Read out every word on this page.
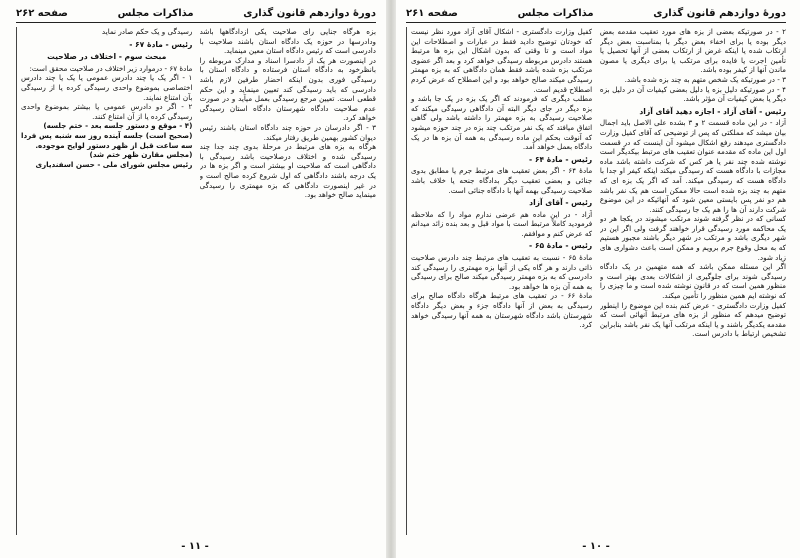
دورهٔ دوازدهم قانون گذاری
مذاکرات مجلس
صفحه ۲۶۲

بزه هرگاه جنایی رای صلاحیت یکی ازدادگاهها باشد ودادرسها در حوزه یک دادگاه استان باشند صلاحیت با دادرسی است که رئیس دادگاه استان معین مینماید.

در اینصورت هر یک از دادسرا اسناد و مدارک مربوطه را بانظرخود به دادگاه استان فرستاده و دادگاه استان با رسیدگی فوری بدون اینکه احضار طرفین لازم باشد دادرسی که باید رسیدگی کند تعیین مینماید و این حکم قطعی است. تعیین مرجع رسیدگی بعمل میآید و در صورت عدم صلاحیت دادگاه شهرستان دادگاه استان رسیدگی خواهد کرد.

۳ - اگر دادرسان در حوزه چند دادگاه استان باشند رئیس دیوان کشور بهمین طریق رفتار میکند.

هرگاه به بزه های مرتبط در مرحلهٔ بدوی چند جدا چند رسیدگی شده و اختلاف درصلاحیت باشد رسیدگی با دادگاهی است که صلاحیت او بیشتر است و اگر بزه ها در یک درجه باشند دادگاهی که اول شروع کرده صالح است و در غیر اینصورت دادگاهی که بزه مهمتری را رسیدگی مینماید صالح خواهد بود.

رسیدگی و یک حکم صادر نماید

رئیس - مادهٔ ۶۷ -

مبحث سوم - اختلاف در صلاحیت

مادهٔ ۶۷ - درموارد زیر اختلاف در صلاحیت محقق است:

۱ - اگر یک یا چند دادرس عمومی یا یک یا چند دادرس اختصاصی بموضوع واحدی رسیدگی کرده یا از رسیدگی بآن امتناع نمایند.

۲ - اگر دو دادرس عمومی یا بیشتر بموضوع واحدی رسیدگی کرده یا از آن امتناع کنند.

(۴ - موقع و دستور جلسه بعد - ختم جلسه)

(صحیح است) جلسه آینده روز سه شنبه پس فردا سه ساعت قبل از ظهر دستور لوایح موجوده.

(مجلس مقارن ظهر ختم شد)

رئیس مجلس شورای ملی - حسن اسفندیاری

- ۱۱ -
دورهٔ دوازدهم قانون گذاری
مذاکرات مجلس
صفحه ۲۶۱

۲ - در صورتیکه بعضی از بزه های مورد تعقیب مقدمه بعض دیگر بوده یا برای اخفاء بعض دیگر با بمناسبت بعض دیگر ارتکاب شده یا اینکه غرض از ارتکاب بعضی از آنها تحصیل یا تأمین اجرت یا فایده برای مرتکب یا برای دیگری یا مصون ماندن آنها از کیفر بوده باشد.

۳ - در صورتیکه یک شخص متهم به چند بزه شده باشد.

۴ - در صورتیکه دلیل بزه یا دلیل بعضی کیفیات آن در دلیل بزه دیگر یا بعض کیفیات آن مؤثر باشد.

رئیس - آقای آزاد - اجازه دهید آقای آزاد

آزاد - در این ماده قسمت ۲ و ۳ بشده علی الاصل باید اجمال بیان میشد که مملکتی که پس از توضیحی که آقای کفیل وزارت دادگستری میدهند رفع اشکال میشود آن اینست که در قسمت اول این ماده که مقدمه عنوان تعقیب های مرتبط بیکدیگر است نوشته شده چند نفر یا هر کس که شرکت داشته باشد ماده مجازات با دادگاه هست که رسیدگی میکند اینکه کیفر او جدا با دادگاه هست که رسیدگی میکند. آمد که اگر یک بزه ای که متهم به چند بزه شده است حالا ممکن است هم یک نفر باشد هم دو نفر پس بایستی معین شود که آنهائیکه در این موضوع شرکت دارند آن ها را هم یک جا رسیدگی کنند.

کسانی که در نظر گرفته شوند مرتکب میشوند در یکجا هر دو یک محاکمه مورد رسیدگی قرار خواهند گرفت ولی اگر این در شهر دیگری باشد و مرتکب در شهر دیگر باشند مجبور هستیم که به محل وقوع جرم برویم و ممکن است باعث دشواری های زیاد شود.

اگر این مسئله ممکن باشد که همه متهمین در یک دادگاه رسیدگی شوند برای جلوگیری از اشکالات بعدی بهتر است و منظور همین است که در قانون نوشته شده است و ما چیزی را که نوشته ایم همین منظور را تأمین میکند.

کفیل وزارت دادگستری - عرض کنم بنده این موضوع را اینطور توضیح میدهم که منظور از بزه های مرتبط آنهائی است که مقدمه یکدیگر باشند و یا اینکه مرتکب آنها یک نفر باشد بنابراین تشخیص ارتباط با دادرس است.

کفیل وزارت دادگستری - اشکال آقای آزاد مورد نظر نیست که خودتان توضیح دادید فقط در عبارات و اصطلاحات این مواد است و تا وقتی که بدون اشکال این بزه ها مرتبط هستند دادرس مربوطه رسیدگی خواهد کرد و بعد اگر عضوی مرتکب بزه شده باشد فقط همان دادگاهی که به بزه مهمتر رسیدگی میکند صالح خواهد بود و این اصطلاح که عرض کردم اصطلاح قدیم است.

مطلب دیگری که فرمودند که اگر یک بزه در یک جا باشد و بزه دیگر در جای دیگر البته آن دادگاهی رسیدگی میکند که صلاحیت رسیدگی به بزه مهمتر را داشته باشد ولی گاهی اتفاق میافتد که یک نفر مرتکب چند بزه در چند حوزه میشود که آنوقت بحکم این ماده رسیدگی به همه آن بزه ها در یک دادگاه بعمل خواهد آمد.

رئیس - مادهٔ ۶۴ -

مادهٔ ۶۴ - اگر بعض تعقیب های مرتبط جرم یا مطابق بدوی جنائی و بعضی تعقیب دیگر بدادگاه جنحه یا خلاف باشد صلاحیت رسیدگی بهمه آنها با دادگاه جنائی است.

رئیس - آقای آزاد

آزاد - در این ماده هم عرضی ندارم مواد را که ملاحظه فرمودید کاملاً مرتبط است با مواد قبل و بعد بنده زائد میدانم که عرض کنم و موافقم.

رئیس - مادهٔ ۶۵ -

مادهٔ ۶۵ - نسبت به تعقیب های مرتبط چند دادرس صلاحیت ذاتی دارند و هر گاه یکی از آنها بزه مهمتری را رسیدگی کند دادرسی که به بزه مهمتر رسیدگی میکند صالح برای رسیدگی به همه آن بزه ها خواهد بود.

مادهٔ ۶۶ - در تعقیب های مرتبط هرگاه دادگاه صالح برای رسیدگی به بعض از آنها دادگاه جزء و بعض دیگر دادگاه شهرستان باشد دادگاه شهرستان به همه آنها رسیدگی خواهد کرد.

- ۱۰ -
